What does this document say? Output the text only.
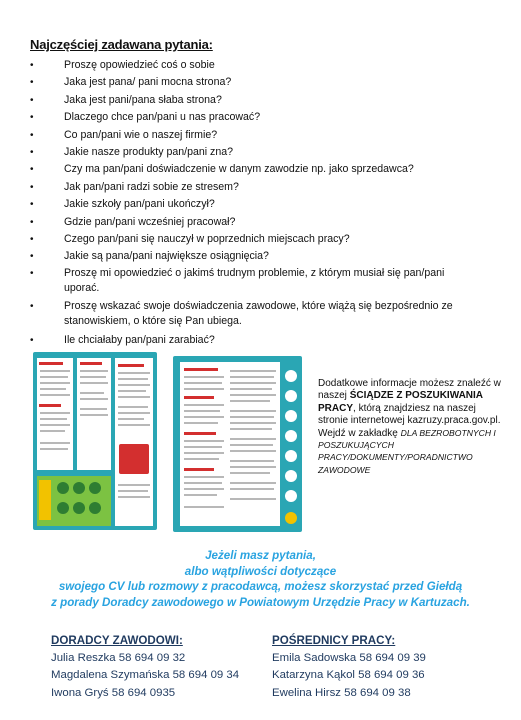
Najczęściej zadawana pytania:
• Proszę opowiedzieć coś o sobie
• Jaka jest pana/ pani mocna strona?
• Jaka jest pani/pana słaba strona?
• Dlaczego chce pan/pani u nas pracować?
• Co pan/pani wie o naszej firmie?
• Jakie nasze produkty pan/pani zna?
• Czy ma pan/pani doświadczenie w danym zawodzie np. jako sprzedawca?
• Jak pan/pani radzi sobie ze stresem?
• Jakie szkoły pan/pani ukończył?
• Gdzie pan/pani wcześniej pracował?
• Czego pan/pani się nauczył w poprzednich miejscach pracy?
• Jakie są pana/pani największe osiągnięcia?
• Proszę mi opowiedzieć o jakimś trudnym problemie, z którym musiał się pan/pani uporać.
• Proszę wskazać swoje doświadczenia zawodowe, które wiążą się bezpośrednio ze stanowiskiem, o które się Pan ubiega.
• Ile chciałaby pan/pani zarabiać?
Dodatkowe informacje możesz znaleźć w naszej ŚCIĄDZE Z POSZUKIWANIA PRACY, którą znajdziesz na naszej stronie internetowej kazruzy.praca.gov.pl. Wejdź w zakładkę DLA BEZROBOTNYCH I POSZUKUJĄCYCH PRACY/DOKUMENTY/PORADNICTWO ZAWODOWE
Jeżeli masz pytania,
albo wątpliwości dotyczące
swojego CV lub rozmowy z pracodawcą, możesz skorzystać przed Giełdą
z porady Doradcy zawodowego w Powiatowym Urzędzie Pracy w Kartuzach.
DORADCY ZAWODOWI:
Julia Reszka 58 694 09 32
Magdalena Szymańska 58 694 09 34
Iwona Gryś 58 694 0935
POŚREDNICY PRACY:
Emila Sadowska 58 694 09 39
Katarzyna Kąkol 58 694 09 36
Ewelina Hirsz 58 694 09 38
